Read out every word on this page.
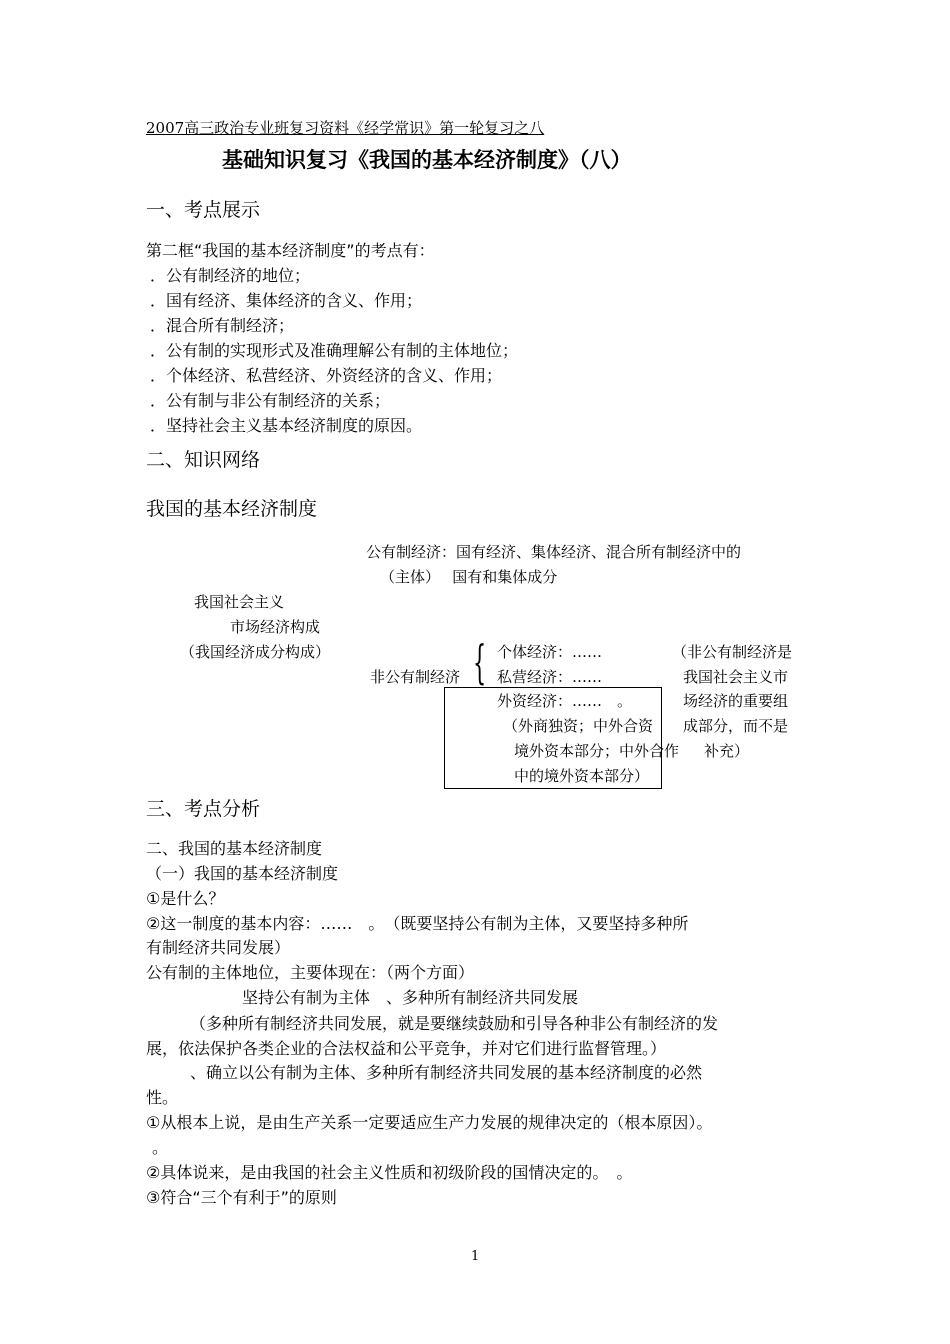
2007高三政治专业班复习资料《经学常识》第一轮复习之八
基础知识复习《我国的基本经济制度》（八）
一、考点展示
第二框“我国的基本经济制度”的考点有：
．公有制经济的地位；
．国有经济、集体经济的含义、作用；
．混合所有制经济；
．公有制的实现形式及准确理解公有制的主体地位；
．个体经济、私营经济、外资经济的含义、作用；
．公有制与非公有制经济的关系；
．坚持社会主义基本经济制度的原因。
二、知识网络
我国的基本经济制度
公有制经济：国有经济、集体经济、混合所有制经济中的
（主体）　 国有和集体成分
我国社会主义
市场经济构成
（我国经济成分构成）
非公有制经济 { 个体经济：……
私营经济：……
外资经济：……　。
（外商独资；中外合资
境外资本部分；中外合作
中的境外资本部分）
（非公有制经济是
我国社会主义市
场经济的重要组
成部分，而不是
补充）
三、考点分析
二、我国的基本经济制度
（一）我国的基本经济制度
①是什么？
②这一制度的基本内容：……　。　（既要坚持公有制为主体，又要坚持多种所
有制经济共同发展）
公有制的主体地位，主要体现在：（两个方面）
坚持公有制为主体　、多种所有制经济共同发展
（多种所有制经济共同发展，就是要继续鼓励和引导各种非公有制经济的发
展，依法保护各类企业的合法权益和公平竞争，并对它们进行监督管理。）
、确立以公有制为主体、多种所有制经济共同发展的基本经济制度的必然
性。
①从根本上说，是由生产关系一定要适应生产力发展的规律决定的（根本原因）。
。
②具体说来，是由我国的社会主义性质和初级阶段的国情决定的。　。
③符合“三个有利于”的原则
1
